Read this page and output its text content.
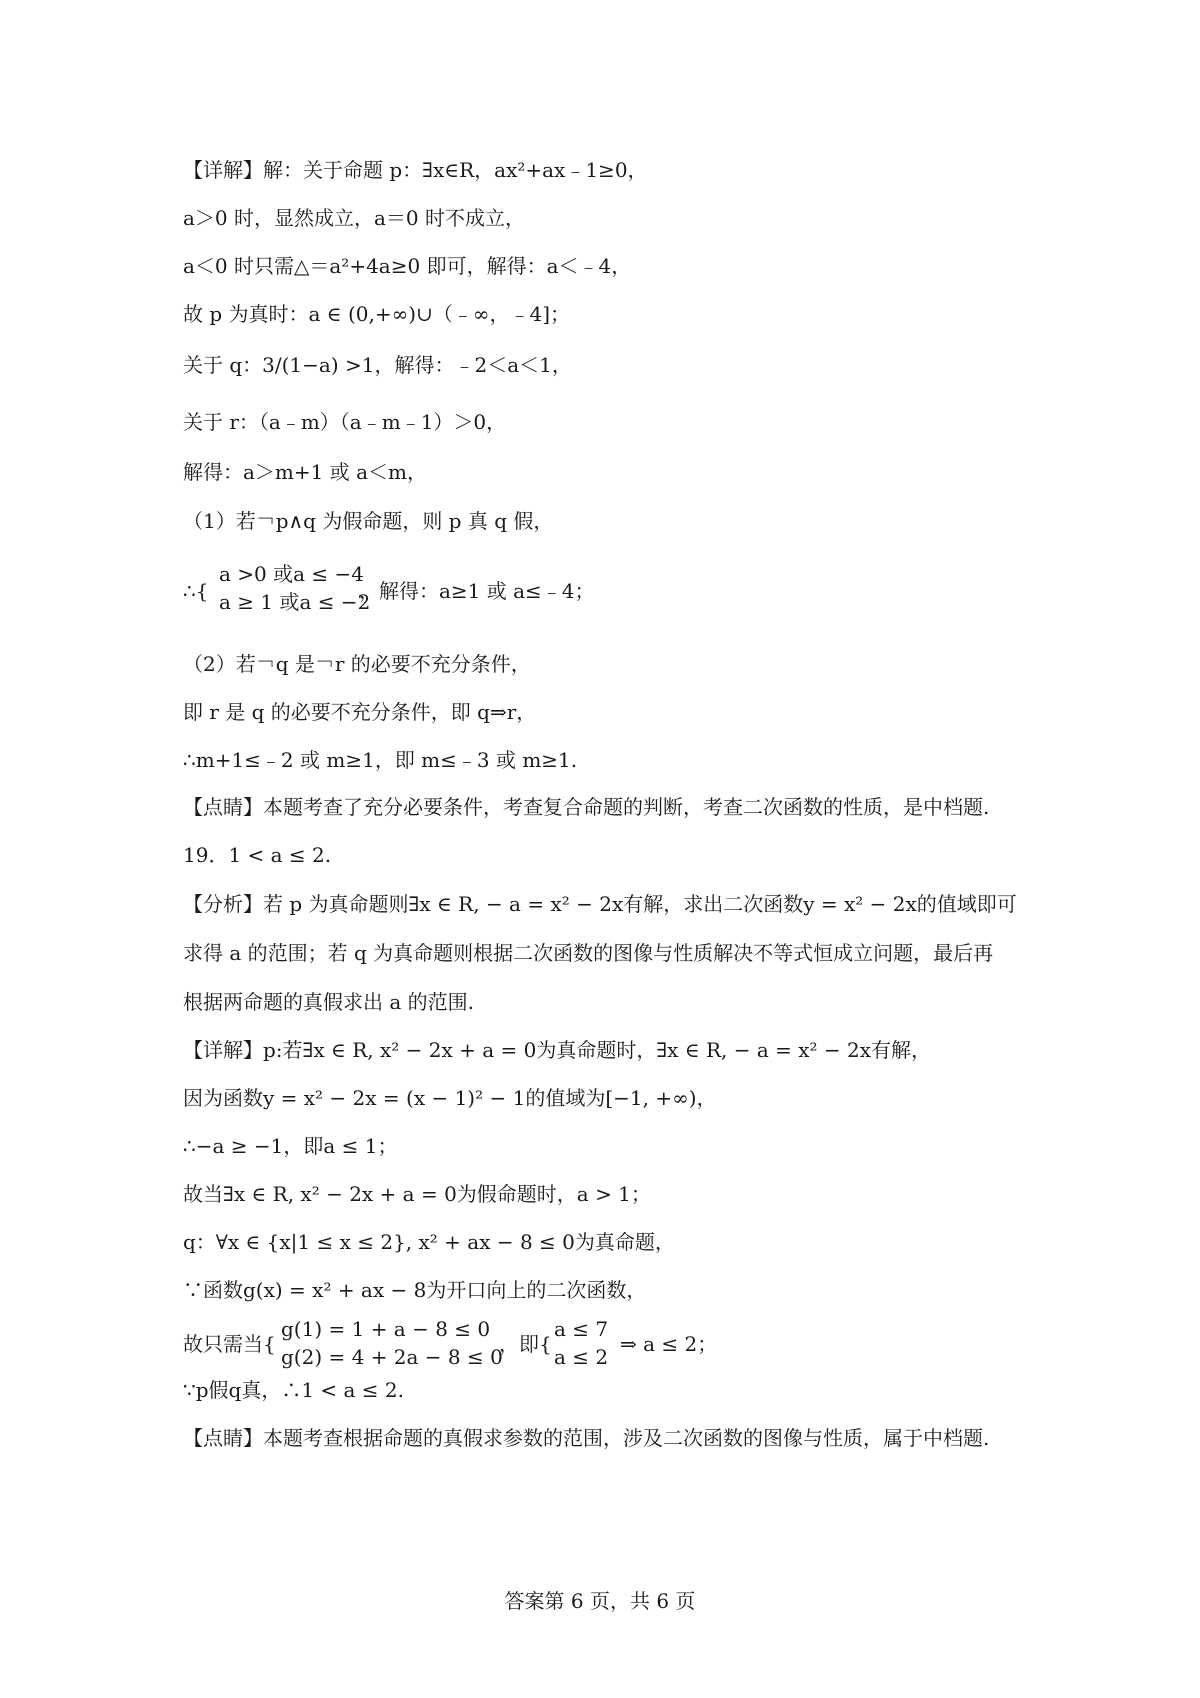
【详解】解：关于命题 p：∃x∈R，ax²+ax﹣1≥0，
a＞0 时，显然成立，a＝0 时不成立，
a＜0 时只需△＝a²+4a≥0 即可，解得：a＜﹣4，
故 p 为真时：a ∈ (0,+∞)∪（﹣∞，﹣4]；
关于 q：3/(1−a) >1，解得：﹣2＜a＜1，
关于 r：（a﹣m）（a﹣m﹣1）＞0，
解得：a＞m+1 或 a＜m，
（1）若￢p∧q 为假命题，则 p 真 q 假，
∴{
a >0 或a ≤ −4
a ≥ 1 或a ≤ −2
，解得：a≥1 或 a≤﹣4；
（2）若￢q 是￢r 的必要不充分条件，
即 r 是 q 的必要不充分条件，即 q⇒r，
∴m+1≤﹣2 或 m≥1，即 m≤﹣3 或 m≥1.
【点睛】本题考查了充分必要条件，考查复合命题的判断，考查二次函数的性质，是中档题.
19．1 < a ≤ 2.
【分析】若 p 为真命题则∃x ∈ R, − a = x² − 2x有解，求出二次函数y = x² − 2x的值域即可
求得 a 的范围；若 q 为真命题则根据二次函数的图像与性质解决不等式恒成立问题，最后再
根据两命题的真假求出 a 的范围.
【详解】p:若∃x ∈ R, x² − 2x + a = 0为真命题时，∃x ∈ R, − a = x² − 2x有解，
因为函数y = x² − 2x = (x − 1)² − 1的值域为[−1, +∞)，
∴−a ≥ −1，即a ≤ 1；
故当∃x ∈ R, x² − 2x + a = 0为假命题时，a > 1；
q：∀x ∈ {x|1 ≤ x ≤ 2}, x² + ax − 8 ≤ 0为真命题，
∵函数g(x) = x² + ax − 8为开口向上的二次函数，
故只需当{
g(1) = 1 + a − 8 ≤ 0
g(2) = 4 + 2a − 8 ≤ 0
，即{
a ≤ 7
a ≤ 2
⇒ a ≤ 2；
∵p假q真，∴1 < a ≤ 2.
【点睛】本题考查根据命题的真假求参数的范围，涉及二次函数的图像与性质，属于中档题.
答案第 6 页，共 6 页
